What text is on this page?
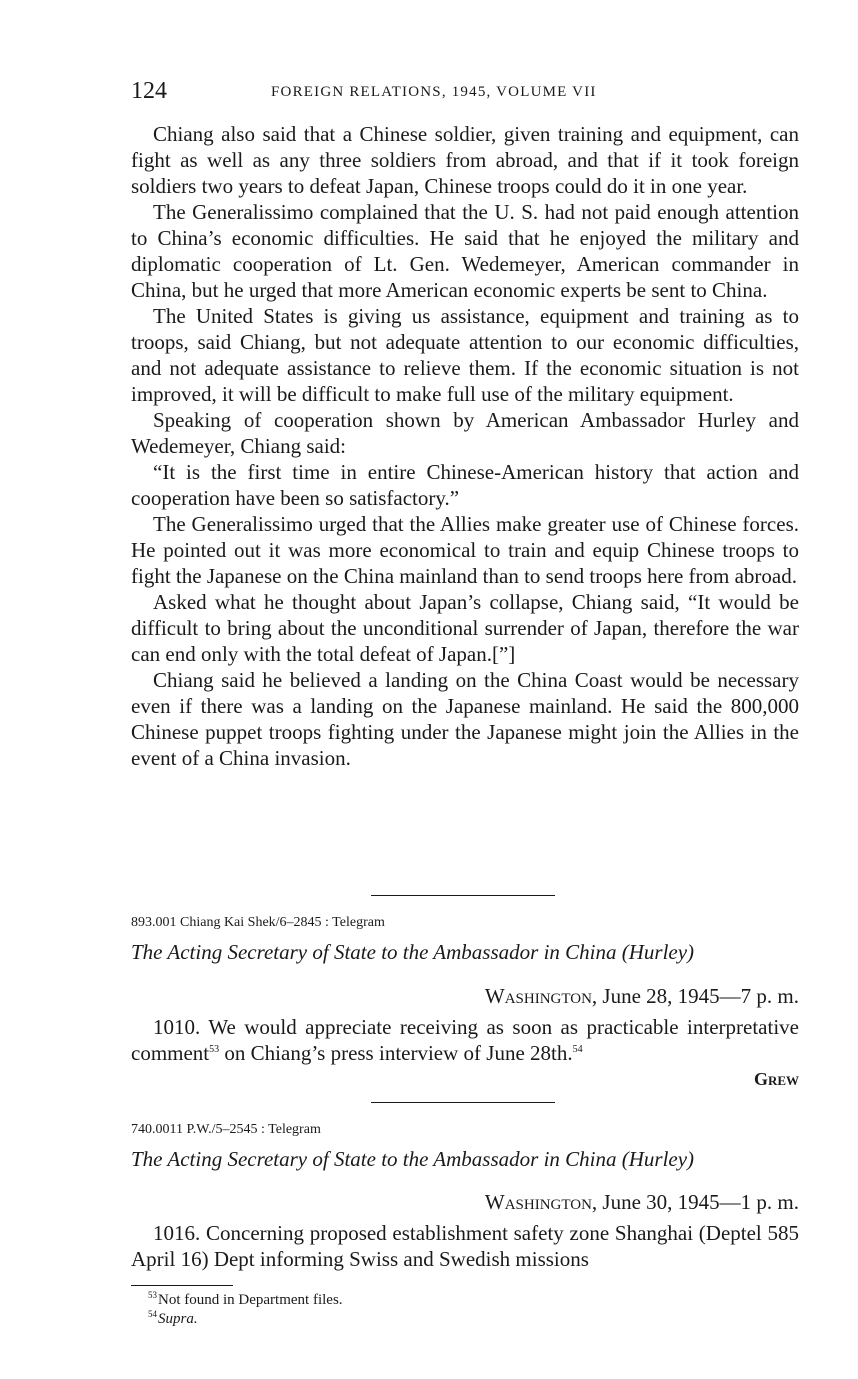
124	FOREIGN RELATIONS, 1945, VOLUME VII

Chiang also said that a Chinese soldier, given training and equipment, can fight as well as any three soldiers from abroad, and that if it took foreign soldiers two years to defeat Japan, Chinese troops could do it in one year.

The Generalissimo complained that the U. S. had not paid enough attention to China’s economic difficulties. He said that he enjoyed the military and diplomatic cooperation of Lt. Gen. Wedemeyer, American commander in China, but he urged that more American economic experts be sent to China.

The United States is giving us assistance, equipment and training as to troops, said Chiang, but not adequate attention to our economic difficulties, and not adequate assistance to relieve them. If the economic situation is not improved, it will be difficult to make full use of the military equipment.

Speaking of cooperation shown by American Ambassador Hurley and Wedemeyer, Chiang said:

“It is the first time in entire Chinese-American history that action and cooperation have been so satisfactory.”

The Generalissimo urged that the Allies make greater use of Chinese forces. He pointed out it was more economical to train and equip Chinese troops to fight the Japanese on the China mainland than to send troops here from abroad.

Asked what he thought about Japan’s collapse, Chiang said, “It would be difficult to bring about the unconditional surrender of Japan, therefore the war can end only with the total defeat of Japan.[”]

Chiang said he believed a landing on the China Coast would be necessary even if there was a landing on the Japanese mainland. He said the 800,000 Chinese puppet troops fighting under the Japanese might join the Allies in the event of a China invasion.

893.001 Chiang Kai Shek/6–2845 : Telegram
The Acting Secretary of State to the Ambassador in China (Hurley)
Washington, June 28, 1945—7 p. m.

1010. We would appreciate receiving as soon as practicable interpretative comment$^{53}$ on Chiang’s press interview of June 28th.$^{54}$

Grew
740.0011 P.W./5–2545 : Telegram
The Acting Secretary of State to the Ambassador in China (Hurley)
Washington, June 30, 1945—1 p. m.

1016. Concerning proposed establishment safety zone Shanghai (Deptel 585 April 16) Dept informing Swiss and Swedish missions

$^{53}$Not found in Department files.
$^{54}$Supra.
